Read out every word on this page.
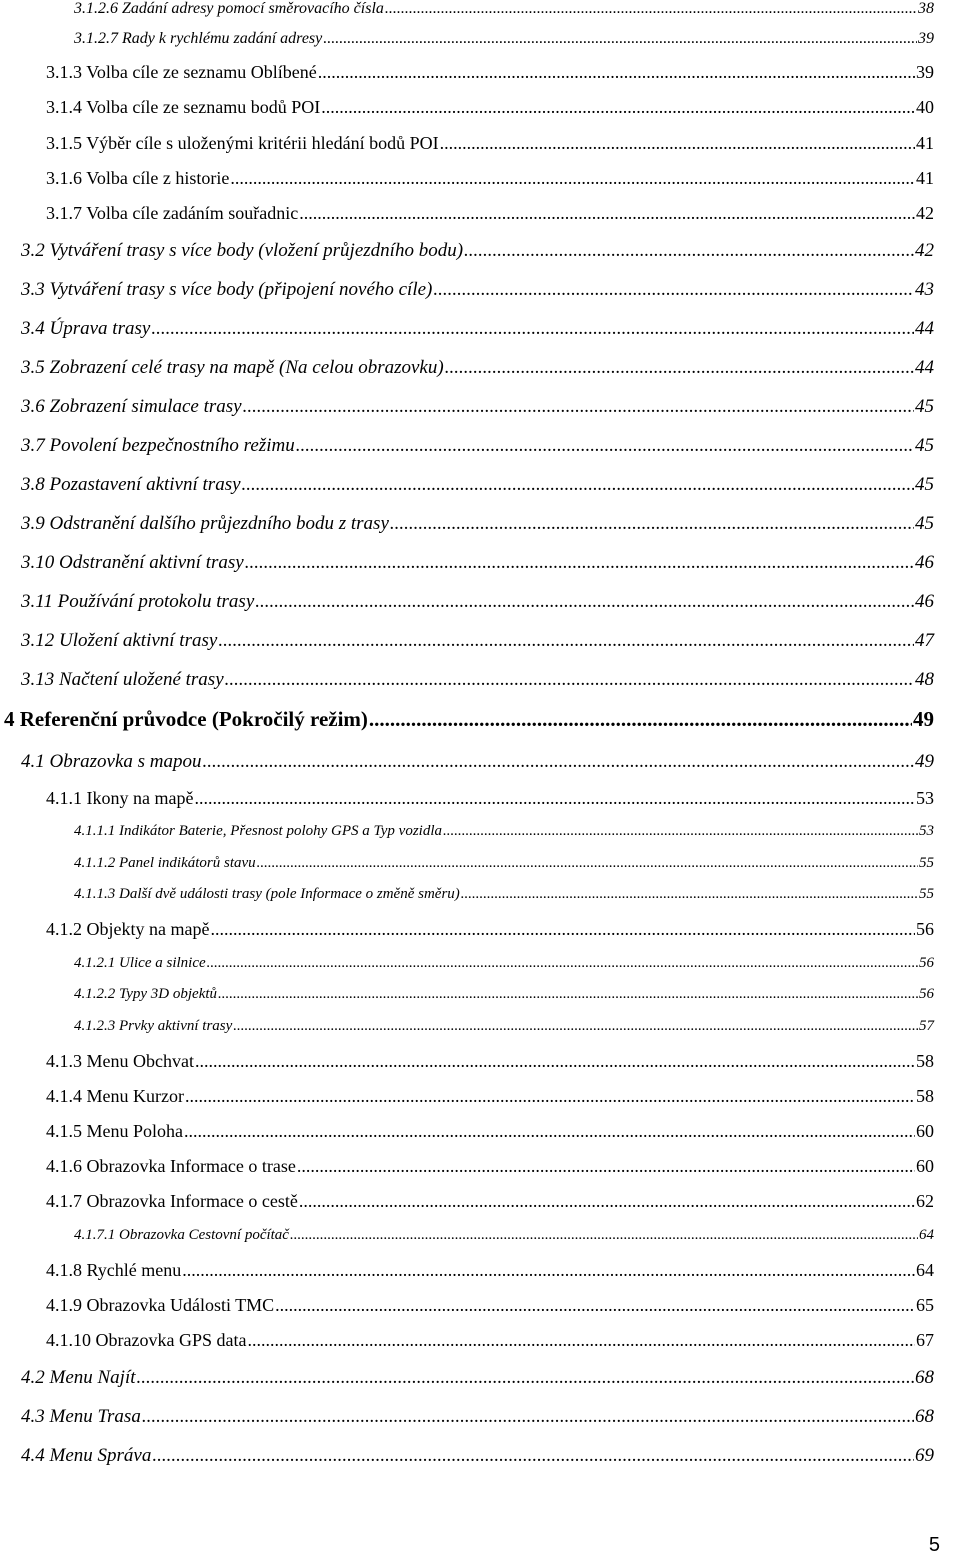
3.1.2.6 Zadání adresy pomocí směrovacího čísla .....	38
3.1.2.7 Rady k rychlému zadání adresy .....	39
3.1.3 Volba cíle ze seznamu Oblíbené .....	39
3.1.4 Volba cíle ze seznamu bodů POI .....	40
3.1.5 Výběr cíle s uloženými kritérii hledání bodů POI .....	41
3.1.6 Volba cíle z historie .....	41
3.1.7 Volba cíle zadáním souřadnic .....	42
3.2 Vytváření trasy s více body (vložení průjezdního bodu) .....	42
3.3 Vytváření trasy s více body (připojení nového cíle) .....	43
3.4 Úprava trasy .....	44
3.5 Zobrazení celé trasy na mapě (Na celou obrazovku) .....	44
3.6 Zobrazení simulace trasy .....	45
3.7 Povolení bezpečnostního režimu .....	45
3.8 Pozastavení aktivní trasy .....	45
3.9 Odstranění dalšího průjezdního bodu z trasy .....	45
3.10 Odstranění aktivní trasy .....	46
3.11 Používání protokolu trasy .....	46
3.12 Uložení aktivní trasy .....	47
3.13 Načtení uložené trasy .....	48
4 Referenční průvodce (Pokročilý režim) .....	49
4.1 Obrazovka s mapou .....	49
4.1.1 Ikony na mapě .....	53
4.1.1.1 Indikátor Baterie, Přesnost polohy GPS a Typ vozidla .....	53
4.1.1.2 Panel indikátorů stavu .....	55
4.1.1.3 Další dvě události trasy (pole Informace o změně směru) .....	55
4.1.2 Objekty na mapě .....	56
4.1.2.1 Ulice a silnice .....	56
4.1.2.2 Typy 3D objektů .....	56
4.1.2.3 Prvky aktivní trasy .....	57
4.1.3 Menu Obchvat .....	58
4.1.4 Menu Kurzor .....	58
4.1.5 Menu Poloha .....	60
4.1.6 Obrazovka Informace o trase .....	60
4.1.7 Obrazovka Informace o cestě .....	62
4.1.7.1 Obrazovka Cestovní počítač .....	64
4.1.8 Rychlé menu .....	64
4.1.9 Obrazovka Události TMC .....	65
4.1.10 Obrazovka GPS data .....	67
4.2 Menu Najít .....	68
4.3 Menu Trasa .....	68
4.4 Menu Správa .....	69
5
